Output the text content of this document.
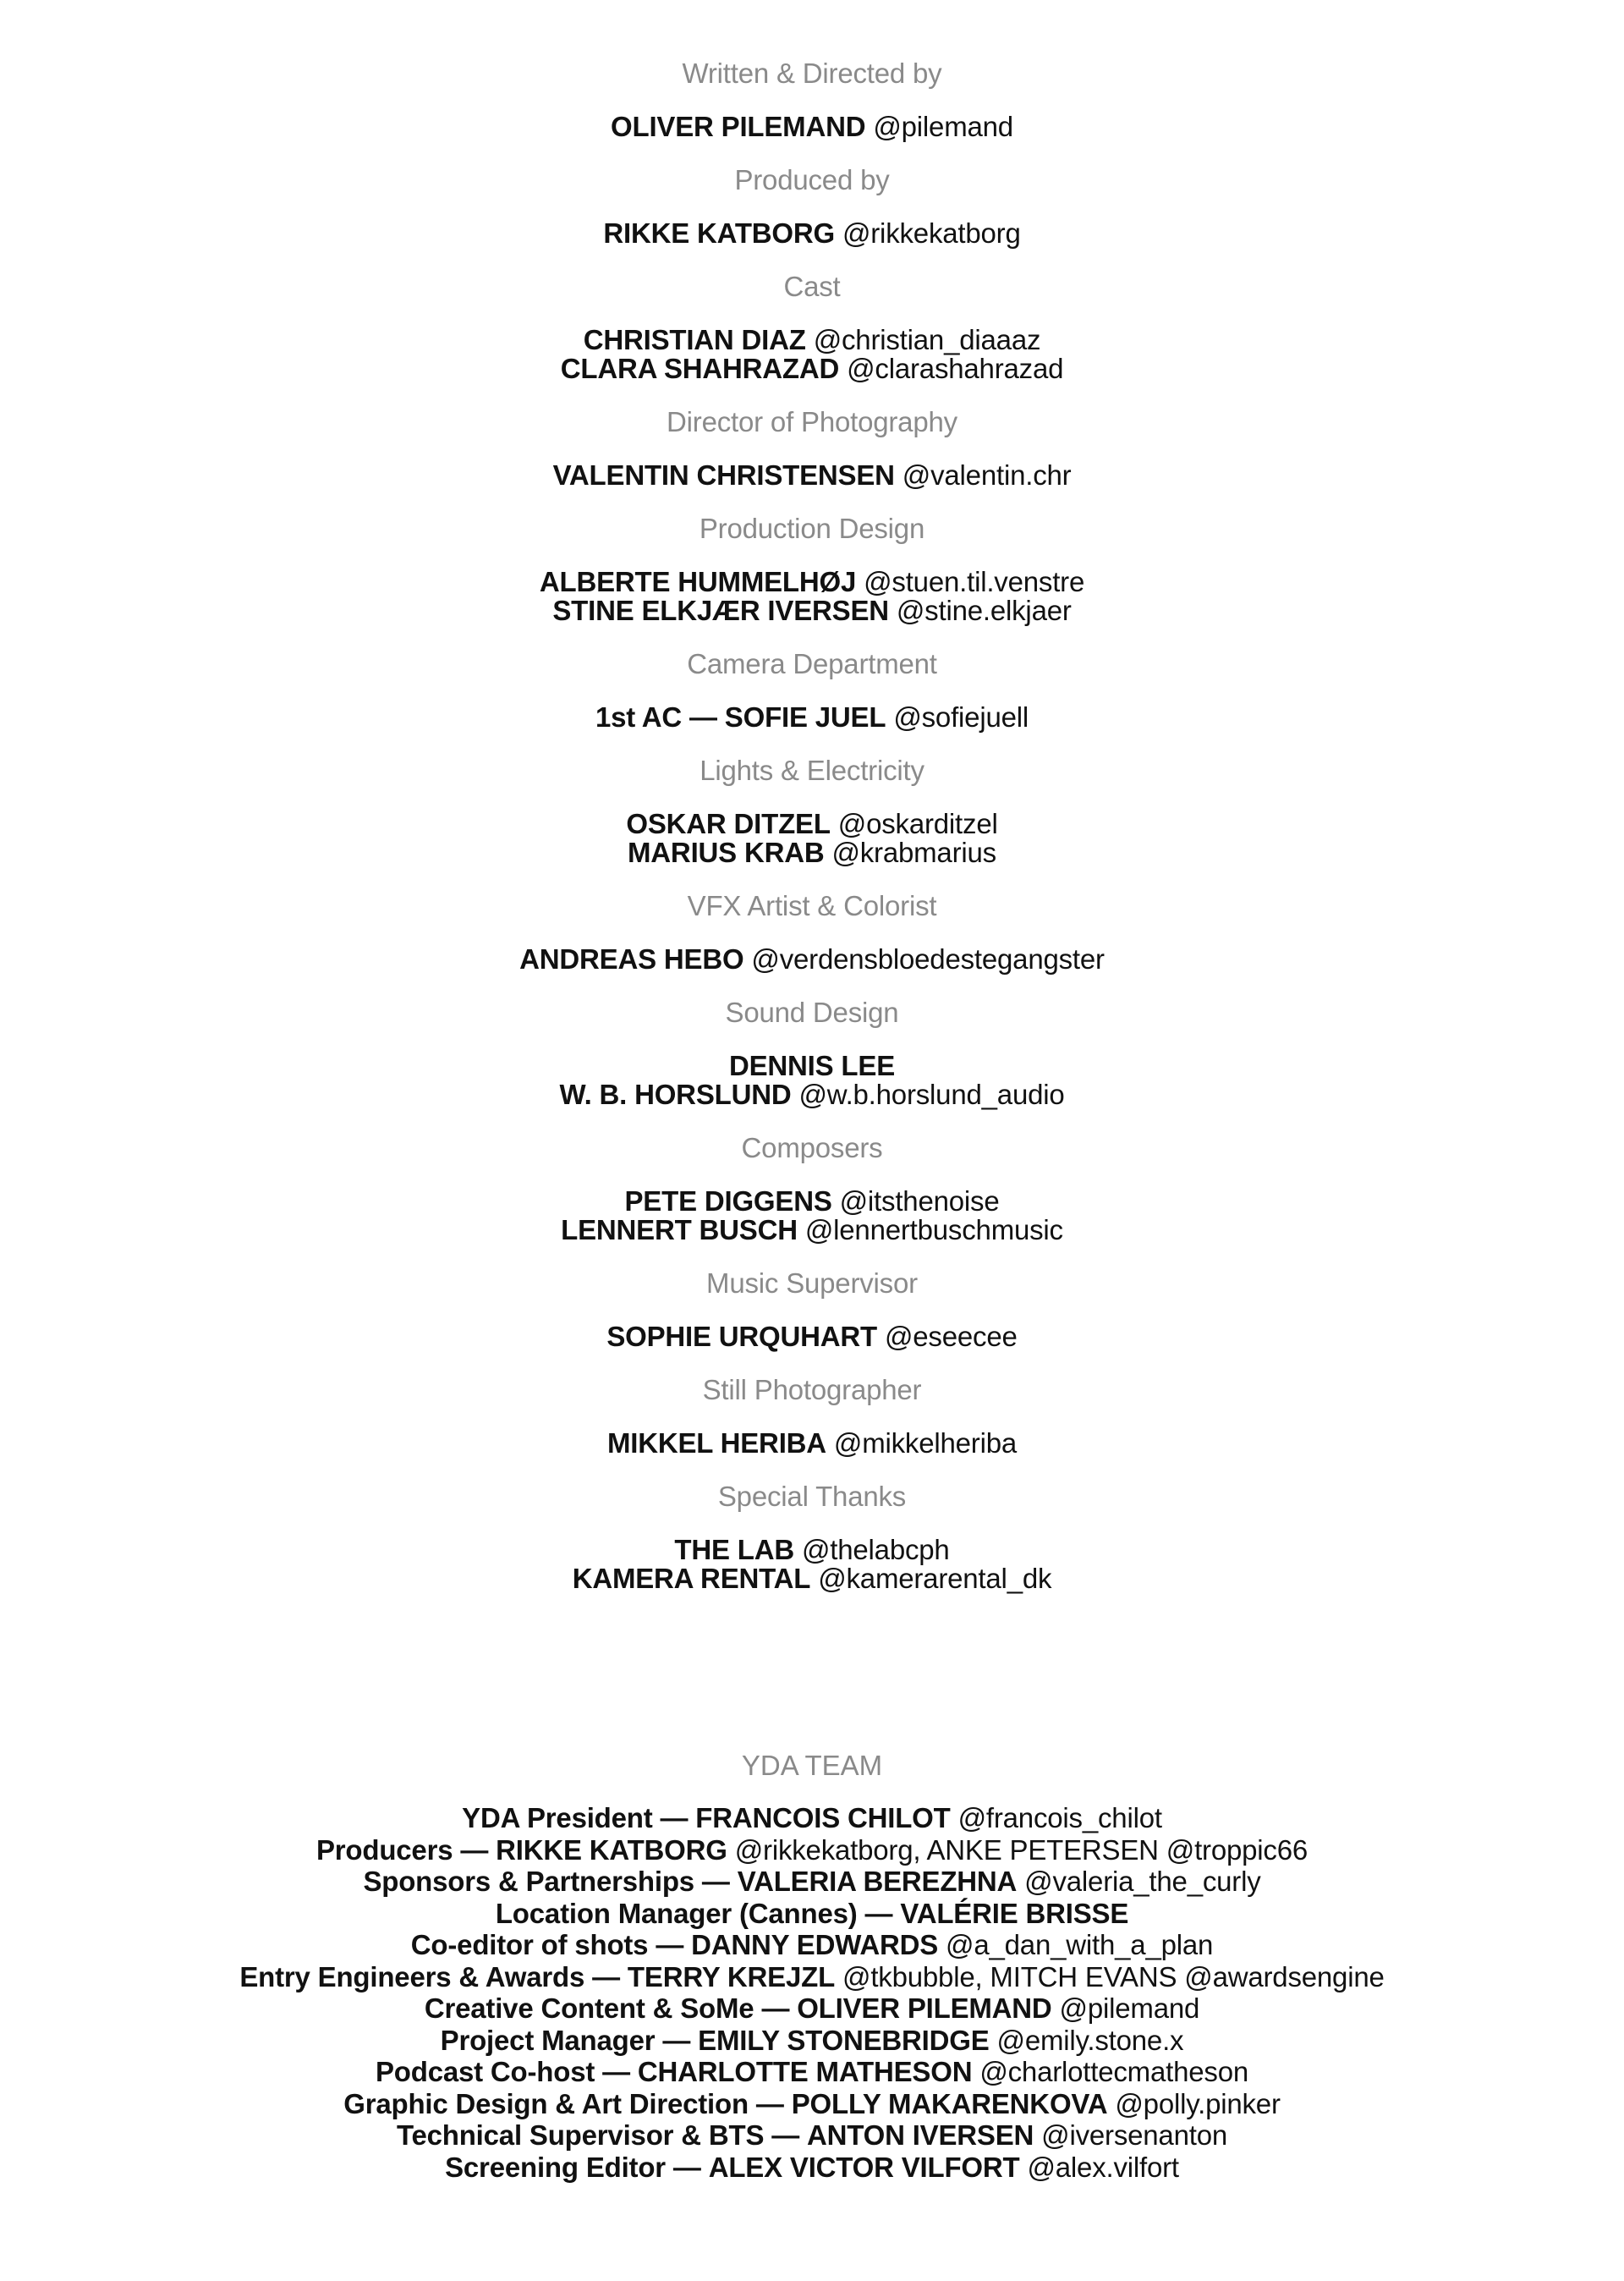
Written & Directed by
OLIVER PILEMAND @pilemand
Produced by
RIKKE KATBORG @rikkekatborg
Cast
CHRISTIAN DIAZ @christian_diaaaz
CLARA SHAHRAZAD @clarashahrazad
Director of Photography
VALENTIN CHRISTENSEN @valentin.chr
Production Design
ALBERTE HUMMELHØJ @stuen.til.venstre
STINE ELKJÆR IVERSEN @stine.elkjaer
Camera Department
1st AC — SOFIE JUEL @sofiejuell
Lights & Electricity
OSKAR DITZEL @oskarditzel
MARIUS KRAB @krabmarius
VFX Artist & Colorist
ANDREAS HEBO @verdensbloedestegangster
Sound Design
DENNIS LEE
W. B. HORSLUND @w.b.horslund_audio
Composers
PETE DIGGENS @itsthenoise
LENNERT BUSCH @lennertbuschmusic
Music Supervisor
SOPHIE URQUHART @eseecee
Still Photographer
MIKKEL HERIBA @mikkelheriba
Special Thanks
THE LAB @thelabcph
KAMERA RENTAL @kamerarental_dk
YDA TEAM
YDA President — FRANCOIS CHILOT @francois_chilot
Producers — RIKKE KATBORG @rikkekatborg, ANKE PETERSEN @troppic66
Sponsors & Partnerships — VALERIA BEREZHNA @valeria_the_curly
Location Manager (Cannes) — VALÉRIE BRISSE
Co-editor of shots — DANNY EDWARDS @a_dan_with_a_plan
Entry Engineers & Awards — TERRY KREJZL @tkbubble, MITCH EVANS @awardsengine
Creative Content & SoMe — OLIVER PILEMAND @pilemand
Project Manager — EMILY STONEBRIDGE @emily.stone.x
Podcast Co-host — CHARLOTTE MATHESON @charlottecmatheson
Graphic Design & Art Direction — POLLY MAKARENKOVA @polly.pinker
Technical Supervisor & BTS — ANTON IVERSEN @iversenanton
Screening Editor — ALEX VICTOR VILFORT @alex.vilfort
